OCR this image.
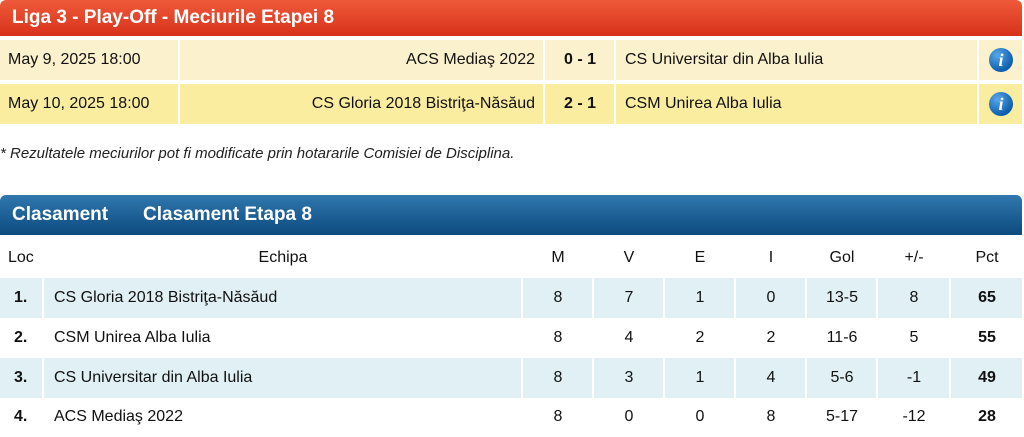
Liga 3 - Play-Off - Meciurile Etapei 8
May 9, 2025 18:00	ACS Mediaş 2022	0 - 1	CS Universitar din Alba Iulia	i
May 10, 2025 18:00	CS Gloria 2018 Bistriţa-Năsăud	2 - 1	CSM Unirea Alba Iulia	i
* Rezultatele meciurilor pot fi modificate prin hotararile Comisiei de Disciplina.
Clasament Clasament Etapa 8
Loc	Echipa	M	V	E	I	Gol	+/-	Pct
1.	CS Gloria 2018 Bistriţa-Năsăud	8	7	1	0	13-5	8	65
2.	CSM Unirea Alba Iulia	8	4	2	2	11-6	5	55
3.	CS Universitar din Alba Iulia	8	3	1	4	5-6	-1	49
4.	ACS Mediaş 2022	8	0	0	8	5-17	-12	28
